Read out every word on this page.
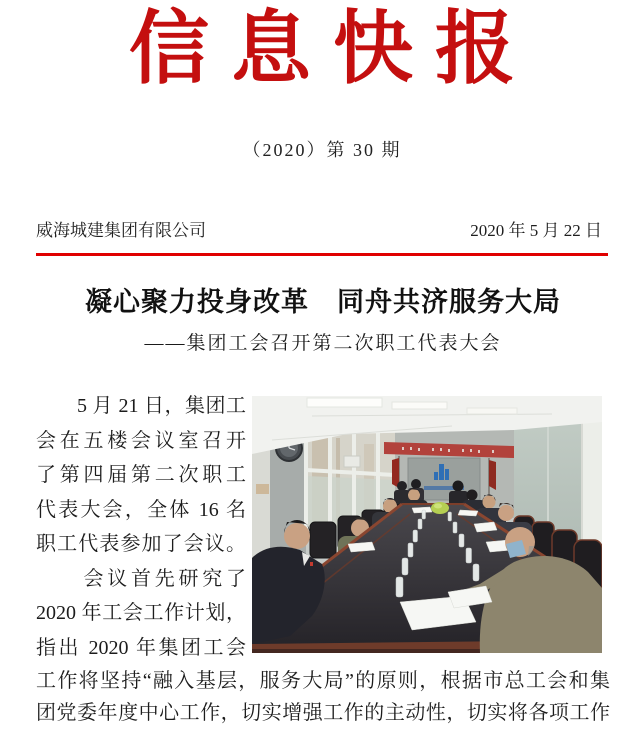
信息快报
（2020）第 30 期
威海城建集团有限公司	2020 年 5 月 22 日
凝心聚力投身改革　同舟共济服务大局
——集团工会召开第二次职工代表大会
　　5 月 21 日，集团工
会在五楼会议室召开
了第四届第二次职工
代表大会，全体 16 名
职工代表参加了会议。
　　会议首先研究了
2020 年工会工作计划，
指出 2020 年集团工会
工作将坚持“融入基层，服务大局”的原则，根据市总工会和集
团党委年度中心工作，切实增强工作的主动性，切实将各项工作
